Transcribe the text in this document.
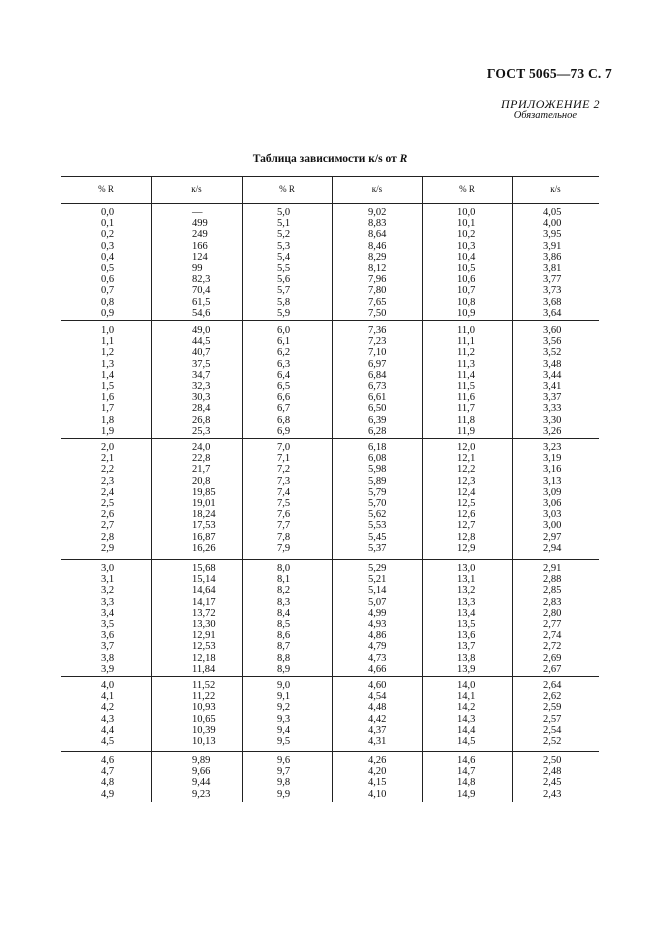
ГОСТ 5065—73 С. 7
ПРИЛОЖЕНИЕ 2
Обязательное
Таблица зависимости к/s от R
% R	к/s	% R	к/s	% R	к/s
0,0	—	5,0	9,02	10,0	4,05
0,1	499	5,1	8,83	10,1	4,00
0,2	249	5,2	8,64	10,2	3,95
0,3	166	5,3	8,46	10,3	3,91
0,4	124	5,4	8,29	10,4	3,86
0,5	99	5,5	8,12	10,5	3,81
0,6	82,3	5,6	7,96	10,6	3,77
0,7	70,4	5,7	7,80	10,7	3,73
0,8	61,5	5,8	7,65	10,8	3,68
0,9	54,6	5,9	7,50	10,9	3,64
1,0	49,0	6,0	7,36	11,0	3,60
1,1	44,5	6,1	7,23	11,1	3,56
1,2	40,7	6,2	7,10	11,2	3,52
1,3	37,5	6,3	6,97	11,3	3,48
1,4	34,7	6,4	6,84	11,4	3,44
1,5	32,3	6,5	6,73	11,5	3,41
1,6	30,3	6,6	6,61	11,6	3,37
1,7	28,4	6,7	6,50	11,7	3,33
1,8	26,8	6,8	6,39	11,8	3,30
1,9	25,3	6,9	6,28	11,9	3,26
2,0	24,0	7,0	6,18	12,0	3,23
2,1	22,8	7,1	6,08	12,1	3,19
2,2	21,7	7,2	5,98	12,2	3,16
2,3	20,8	7,3	5,89	12,3	3,13
2,4	19,85	7,4	5,79	12,4	3,09
2,5	19,01	7,5	5,70	12,5	3,06
2,6	18,24	7,6	5,62	12,6	3,03
2,7	17,53	7,7	5,53	12,7	3,00
2,8	16,87	7,8	5,45	12,8	2,97
2,9	16,26	7,9	5,37	12,9	2,94
3,0	15,68	8,0	5,29	13,0	2,91
3,1	15,14	8,1	5,21	13,1	2,88
3,2	14,64	8,2	5,14	13,2	2,85
3,3	14,17	8,3	5,07	13,3	2,83
3,4	13,72	8,4	4,99	13,4	2,80
3,5	13,30	8,5	4,93	13,5	2,77
3,6	12,91	8,6	4,86	13,6	2,74
3,7	12,53	8,7	4,79	13,7	2,72
3,8	12,18	8,8	4,73	13,8	2,69
3,9	11,84	8,9	4,66	13,9	2,67
4,0	11,52	9,0	4,60	14,0	2,64
4,1	11,22	9,1	4,54	14,1	2,62
4,2	10,93	9,2	4,48	14,2	2,59
4,3	10,65	9,3	4,42	14,3	2,57
4,4	10,39	9,4	4,37	14,4	2,54
4,5	10,13	9,5	4,31	14,5	2,52
4,6	9,89	9,6	4,26	14,6	2,50
4,7	9,66	9,7	4,20	14,7	2,48
4,8	9,44	9,8	4,15	14,8	2,45
4,9	9,23	9,9	4,10	14,9	2,43
